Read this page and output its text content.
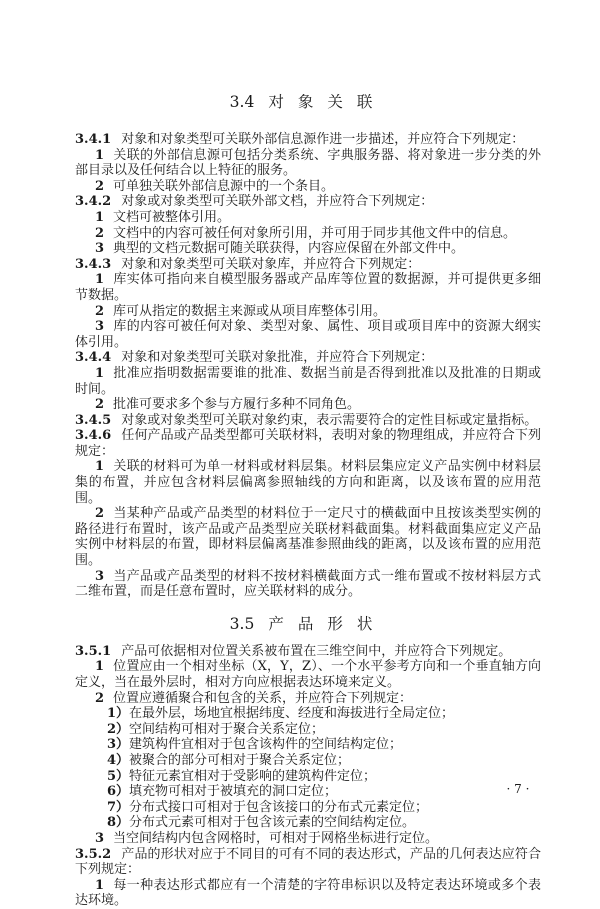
3.4 对象关联

3.4.1 对象和对象类型可关联外部信息源作进一步描述，并应符合下列规定：

1 关联的外部信息源可包括分类系统、字典服务器、将对象进一步分类的外部目录以及任何结合以上特征的服务。

2 可单独关联外部信息源中的一个条目。

3.4.2 对象或对象类型可关联外部文档，并应符合下列规定：

1 文档可被整体引用。

2 文档中的内容可被任何对象所引用，并可用于同步其他文件中的信息。

3 典型的文档元数据可随关联获得，内容应保留在外部文件中。

3.4.3 对象和对象类型可关联对象库，并应符合下列规定：

1 库实体可指向来自模型服务器或产品库等位置的数据源，并可提供更多细节数据。

2 库可从指定的数据主来源或从项目库整体引用。

3 库的内容可被任何对象、类型对象、属性、项目或项目库中的资源大纲实体引用。

3.4.4 对象和对象类型可关联对象批准，并应符合下列规定：

1 批准应指明数据需要谁的批准、数据当前是否得到批准以及批准的日期或时间。

2 批准可要求多个参与方履行多种不同角色。

3.4.5 对象或对象类型可关联对象约束，表示需要符合的定性目标或定量指标。

3.4.6 任何产品或产品类型都可关联材料，表明对象的物理组成，并应符合下列规定：

1 关联的材料可为单一材料或材料层集。材料层集应定义产品实例中材料层集的布置，并应包含材料层偏离参照轴线的方向和距离，以及该布置的应用范围。

2 当某种产品或产品类型的材料位于一定尺寸的横截面中且按该类型实例的路径进行布置时，该产品或产品类型应关联材料截面集。材料截面集应定义产品实例中材料层的布置，即材料层偏离基准参照曲线的距离，以及该布置的应用范围。

3 当产品或产品类型的材料不按材料横截面方式一维布置或不按材料层方式二维布置，而是任意布置时，应关联材料的成分。

3.5 产品形状

3.5.1 产品可依据相对位置关系被布置在三维空间中，并应符合下列规定。

1 位置应由一个相对坐标（X，Y，Z）、一个水平参考方向和一个垂直轴方向定义，当在最外层时，相对方向应根据表达环境来定义。

2 位置应遵循聚合和包含的关系，并应符合下列规定：

1）在最外层，场地宜根据纬度、经度和海拔进行全局定位；

2）空间结构可相对于聚合关系定位；

3）建筑构件宜相对于包含该构件的空间结构定位；

4）被聚合的部分可相对于聚合关系定位；

5）特征元素宜相对于受影响的建筑构件定位；

6）填充物可相对于被填充的洞口定位；

7）分布式接口可相对于包含该接口的分布式元素定位；

8）分布式元素可相对于包含该元素的空间结构定位。

3 当空间结构内包含网格时，可相对于网格坐标进行定位。

3.5.2 产品的形状对应于不同目的可有不同的表达形式，产品的几何表达应符合下列规定：

1 每一种表达形式都应有一个清楚的字符串标识以及特定表达环境或多个表达环境。

· 7 ·
